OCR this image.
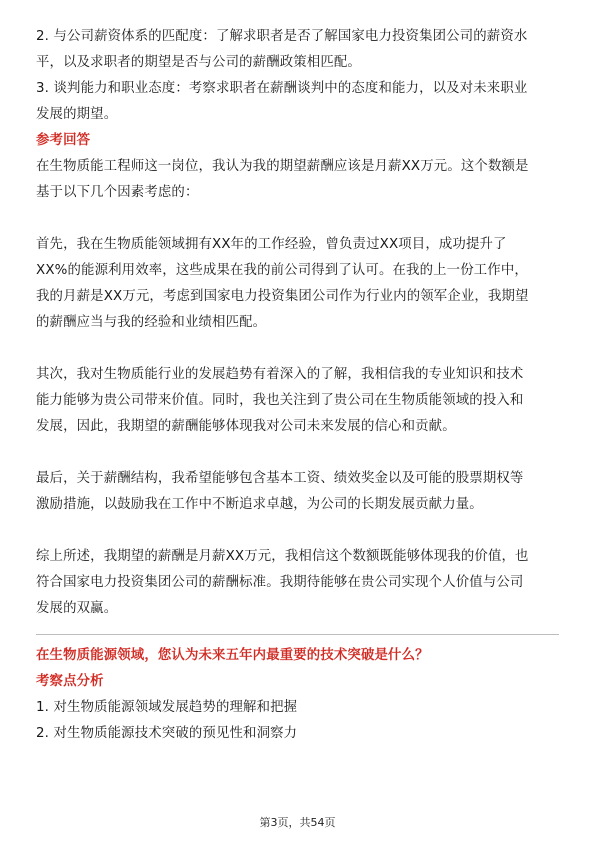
2. 与公司薪资体系的匹配度：了解求职者是否了解国家电力投资集团公司的薪资水
平，以及求职者的期望是否与公司的薪酬政策相匹配。
3. 谈判能力和职业态度：考察求职者在薪酬谈判中的态度和能力，以及对未来职业
发展的期望。
参考回答
在生物质能工程师这一岗位，我认为我的期望薪酬应该是月薪XX万元。这个数额是
基于以下几个因素考虑的：
首先，我在生物质能领域拥有XX年的工作经验，曾负责过XX项目，成功提升了
XX%的能源利用效率，这些成果在我的前公司得到了认可。在我的上一份工作中，
我的月薪是XX万元，考虑到国家电力投资集团公司作为行业内的领军企业，我期望
的薪酬应当与我的经验和业绩相匹配。
其次，我对生物质能行业的发展趋势有着深入的了解，我相信我的专业知识和技术
能力能够为贵公司带来价值。同时，我也关注到了贵公司在生物质能领域的投入和
发展，因此，我期望的薪酬能够体现我对公司未来发展的信心和贡献。
最后，关于薪酬结构，我希望能够包含基本工资、绩效奖金以及可能的股票期权等
激励措施，以鼓励我在工作中不断追求卓越，为公司的长期发展贡献力量。
综上所述，我期望的薪酬是月薪XX万元，我相信这个数额既能够体现我的价值，也
符合国家电力投资集团公司的薪酬标准。我期待能够在贵公司实现个人价值与公司
发展的双赢。
在生物质能源领域，您认为未来五年内最重要的技术突破是什么？
考察点分析
1. 对生物质能源领域发展趋势的理解和把握
2. 对生物质能源技术突破的预见性和洞察力
第3页，共54页
